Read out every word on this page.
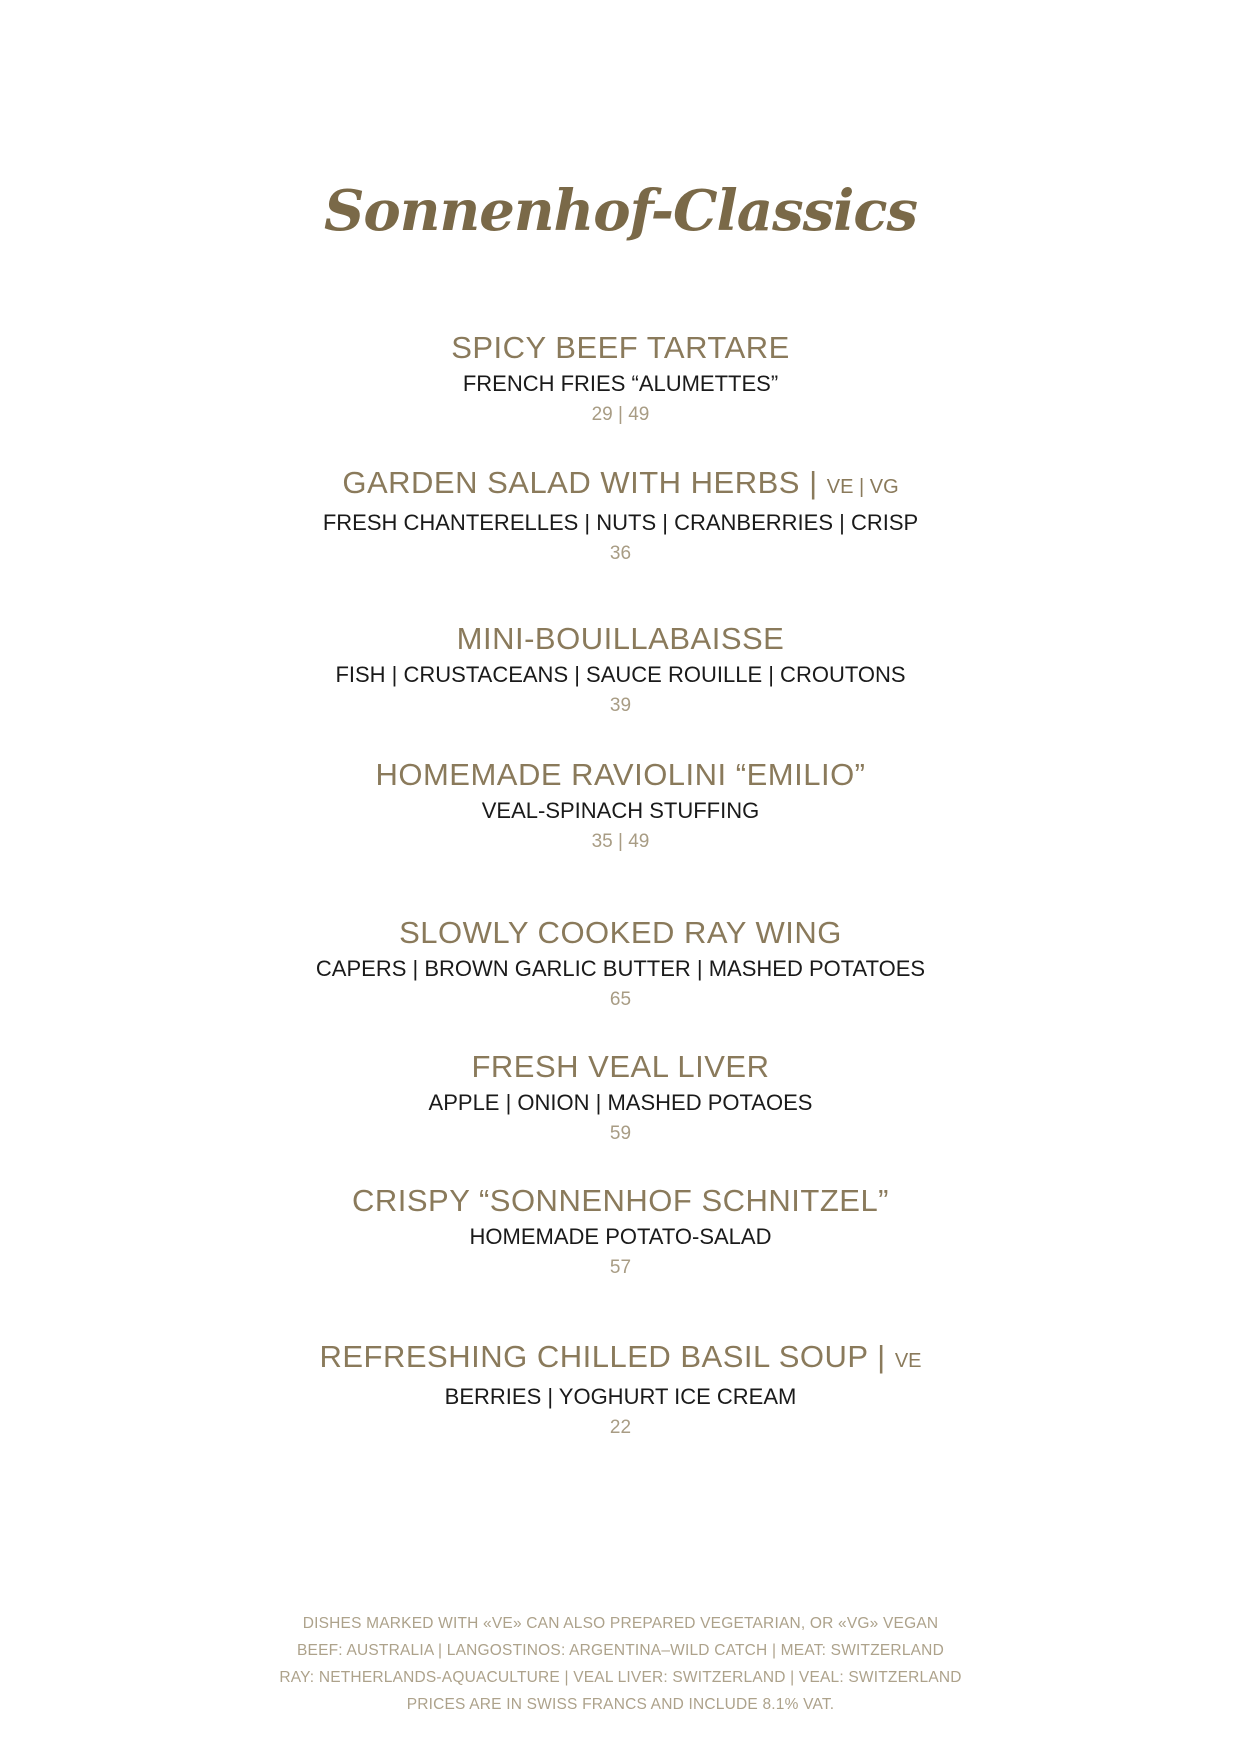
Sonnenhof-Classics
SPICY BEEF TARTARE
FRENCH FRIES “ALUMETTES”
29 | 49
GARDEN SALAD WITH HERBS | VE | VG
FRESH CHANTERELLES | NUTS | CRANBERRIES | CRISP
36
MINI-BOUILLABAISSE
FISH | CRUSTACEANS | SAUCE ROUILLE | CROUTONS
39
HOMEMADE RAVIOLINI “EMILIO”
VEAL-SPINACH STUFFING
35 | 49
SLOWLY COOKED RAY WING
CAPERS | BROWN GARLIC BUTTER | MASHED POTATOES
65
FRESH VEAL LIVER
APPLE | ONION | MASHED POTAOES
59
CRISPY “SONNENHOF SCHNITZEL”
HOMEMADE POTATO-SALAD
57
REFRESHING CHILLED BASIL SOUP | VE
BERRIES | YOGHURT ICE CREAM
22
DISHES MARKED WITH «VE» CAN ALSO PREPARED VEGETARIAN, OR «VG» VEGAN
BEEF: AUSTRALIA | LANGOSTINOS: ARGENTINA–WILD CATCH | MEAT: SWITZERLAND
RAY: NETHERLANDS-AQUACULTURE | VEAL LIVER: SWITZERLAND | VEAL: SWITZERLAND
PRICES ARE IN SWISS FRANCS AND INCLUDE 8.1% VAT.
